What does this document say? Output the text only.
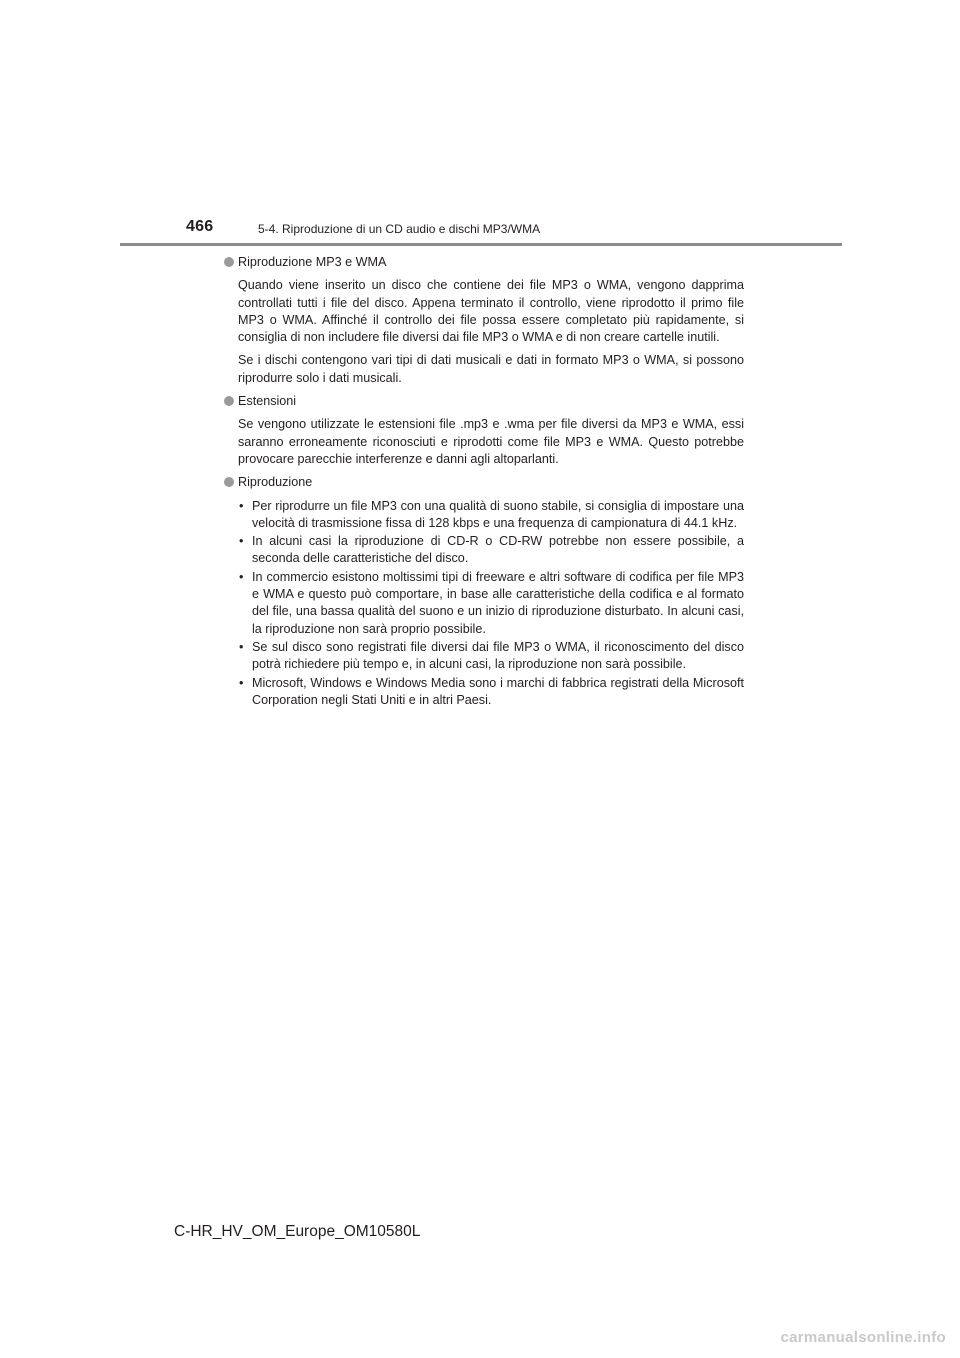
466	5-4. Riproduzione di un CD audio e dischi MP3/WMA
Riproduzione MP3 e WMA

Quando viene inserito un disco che contiene dei file MP3 o WMA, vengono dapprima controllati tutti i file del disco. Appena terminato il controllo, viene riprodotto il primo file MP3 o WMA. Affinché il controllo dei file possa essere completato più rapidamente, si consiglia di non includere file diversi dai file MP3 o WMA e di non creare cartelle inutili.

Se i dischi contengono vari tipi di dati musicali e dati in formato MP3 o WMA, si possono riprodurre solo i dati musicali.

Estensioni

Se vengono utilizzate le estensioni file .mp3 e .wma per file diversi da MP3 e WMA, essi saranno erroneamente riconosciuti e riprodotti come file MP3 e WMA. Questo potrebbe provocare parecchie interferenze e danni agli altoparlanti.

Riproduzione
• Per riprodurre un file MP3 con una qualità di suono stabile, si consiglia di impostare una velocità di trasmissione fissa di 128 kbps e una frequenza di campionatura di 44.1 kHz.
• In alcuni casi la riproduzione di CD-R o CD-RW potrebbe non essere possibile, a seconda delle caratteristiche del disco.
• In commercio esistono moltissimi tipi di freeware e altri software di codifica per file MP3 e WMA e questo può comportare, in base alle caratteristiche della codifica e al formato del file, una bassa qualità del suono e un inizio di riproduzione disturbato. In alcuni casi, la riproduzione non sarà proprio possibile.
• Se sul disco sono registrati file diversi dai file MP3 o WMA, il riconoscimento del disco potrà richiedere più tempo e, in alcuni casi, la riproduzione non sarà possibile.
• Microsoft, Windows e Windows Media sono i marchi di fabbrica registrati della Microsoft Corporation negli Stati Uniti e in altri Paesi.
C-HR_HV_OM_Europe_OM10580L
carmanualsonline.info
